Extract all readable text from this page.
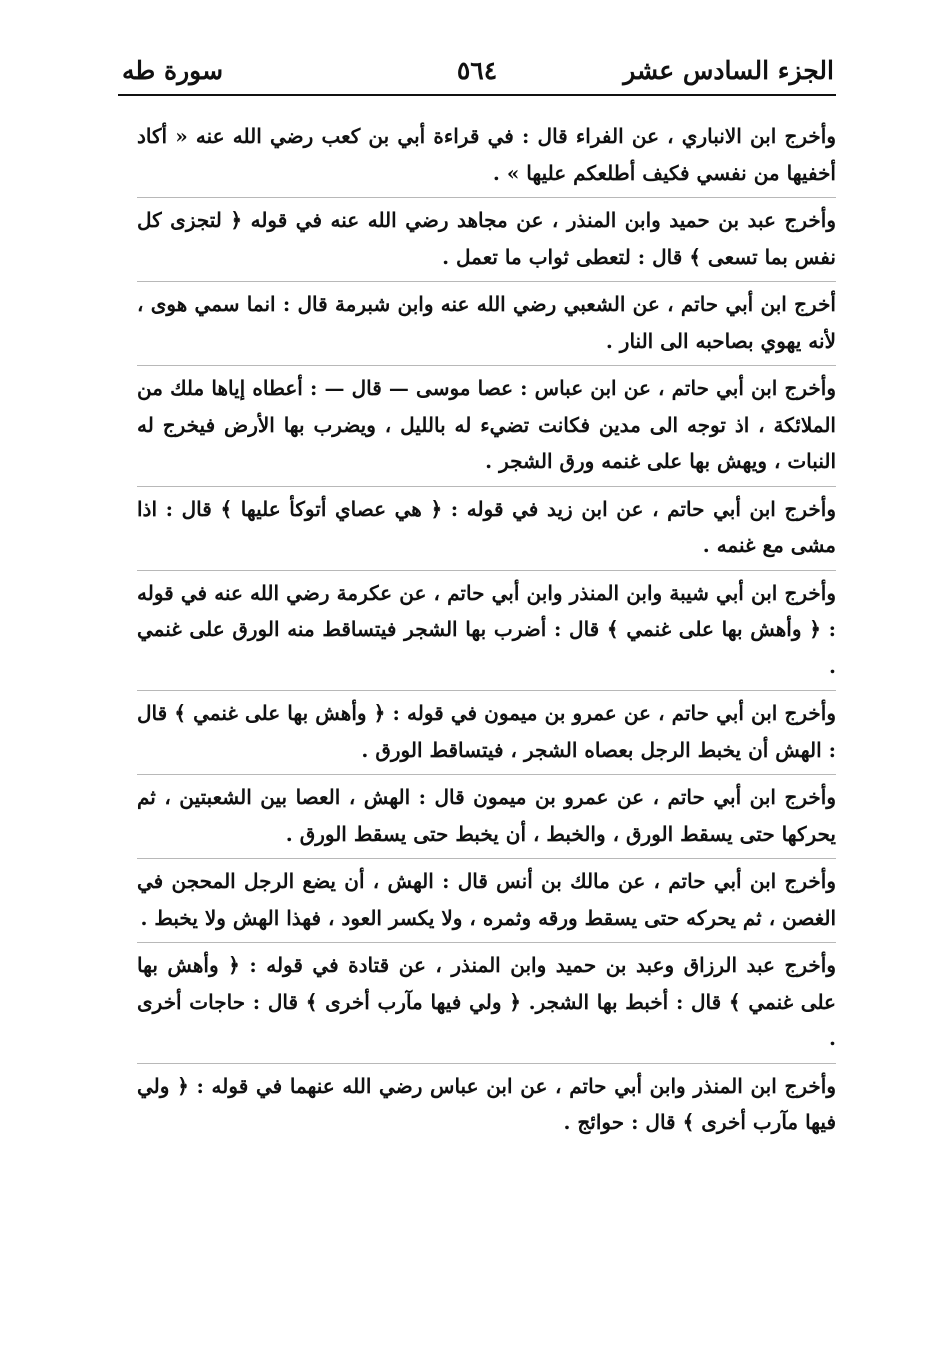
الجزء السادس عشر
٥٦٤
سورة طه

وأخرج ابن الانباري ، عن الفراء قال : في قراءة أبي بن كعب رضي الله عنه « أكاد أخفيها من نفسي فكيف أطلعكم عليها » .

وأخرج عبد بن حميد وابن المنذر ، عن مجاهد رضي الله عنه في قوله ﴿ لتجزى كل نفس بما تسعى ﴾ قال : لتعطى ثواب ما تعمل .

أخرج ابن أبي حاتم ، عن الشعبي رضي الله عنه وابن شبرمة قال : انما سمي هوى ، لأنه يهوي بصاحبه الى النار .

وأخرج ابن أبي حاتم ، عن ابن عباس : عصا موسى — قال — : أعطاه إياها ملك من الملائكة ، اذ توجه الى مدين فكانت تضيء له بالليل ، ويضرب بها الأرض فيخرج له النبات ، ويهش بها على غنمه ورق الشجر .

وأخرج ابن أبي حاتم ، عن ابن زيد في قوله : ﴿ هي عصاي أتوكأ عليها ﴾ قال : اذا مشى مع غنمه .

وأخرج ابن أبي شيبة وابن المنذر وابن أبي حاتم ، عن عكرمة رضي الله عنه في قوله : ﴿ وأهش بها على غنمي ﴾ قال : أضرب بها الشجر فيتساقط منه الورق على غنمي .

وأخرج ابن أبي حاتم ، عن عمرو بن ميمون في قوله : ﴿ وأهش بها على غنمي ﴾ قال : الهش أن يخبط الرجل بعصاه الشجر ، فيتساقط الورق .

وأخرج ابن أبي حاتم ، عن عمرو بن ميمون قال : الهش ، العصا بين الشعبتين ، ثم يحركها حتى يسقط الورق ، والخبط ، أن يخبط حتى يسقط الورق .

وأخرج ابن أبي حاتم ، عن مالك بن أنس قال : الهش ، أن يضع الرجل المحجن في الغصن ، ثم يحركه حتى يسقط ورقه وثمره ، ولا يكسر العود ، فهذا الهش ولا يخبط .

وأخرج عبد الرزاق وعبد بن حميد وابن المنذر ، عن قتادة في قوله : ﴿ وأهش بها على غنمي ﴾ قال : أخبط بها الشجر. ﴿ ولي فيها مآرب أخرى ﴾ قال : حاجات أخرى .

وأخرج ابن المنذر وابن أبي حاتم ، عن ابن عباس رضي الله عنهما في قوله : ﴿ ولي فيها مآرب أخرى ﴾ قال : حوائج .
